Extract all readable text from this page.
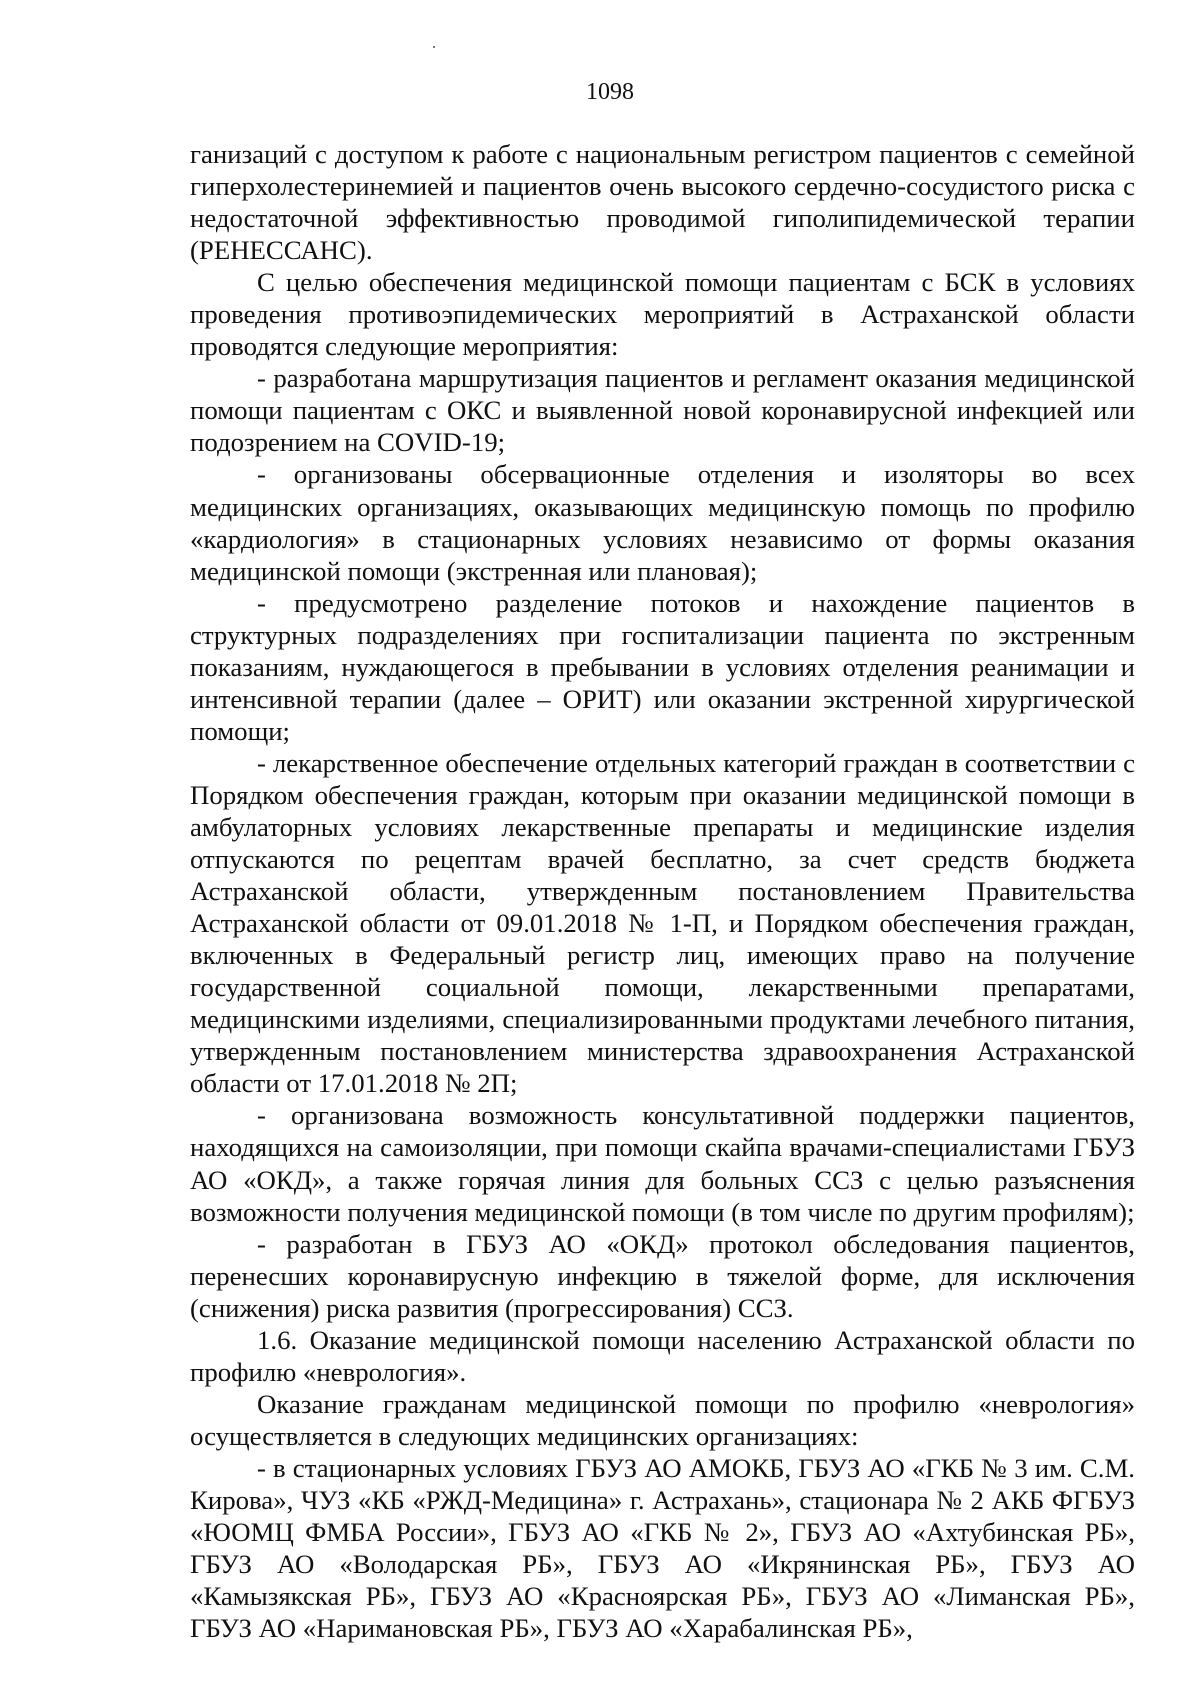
1098

ганизаций с доступом к работе с национальным регистром пациентов с семейной гиперхолестеринемией и пациентов очень высокого сердечно-сосудистого риска с недостаточной эффективностью проводимой гиполипидемической терапии (РЕНЕССАНС).

С целью обеспечения медицинской помощи пациентам с БСК в условиях проведения противоэпидемических мероприятий в Астраханской области проводятся следующие мероприятия:

- разработана маршрутизация пациентов и регламент оказания медицинской помощи пациентам с ОКС и выявленной новой коронавирусной инфекцией или подозрением на COVID-19;

- организованы обсервационные отделения и изоляторы во всех медицинских организациях, оказывающих медицинскую помощь по профилю «кардиология» в стационарных условиях независимо от формы оказания медицинской помощи (экстренная или плановая);

- предусмотрено разделение потоков и нахождение пациентов в структурных подразделениях при госпитализации пациента по экстренным показаниям, нуждающегося в пребывании в условиях отделения реанимации и интенсивной терапии (далее – ОРИТ) или оказании экстренной хирургической помощи;

- лекарственное обеспечение отдельных категорий граждан в соответствии с Порядком обеспечения граждан, которым при оказании медицинской помощи в амбулаторных условиях лекарственные препараты и медицинские изделия отпускаются по рецептам врачей бесплатно, за счет средств бюджета Астраханской области, утвержденным постановлением Правительства Астраханской области от 09.01.2018 № 1-П, и Порядком обеспечения граждан, включенных в Федеральный регистр лиц, имеющих право на получение государственной социальной помощи, лекарственными препаратами, медицинскими изделиями, специализированными продуктами лечебного питания, утвержденным постановлением министерства здравоохранения Астраханской области от 17.01.2018 № 2П;

- организована возможность консультативной поддержки пациентов, находящихся на самоизоляции, при помощи скайпа врачами-специалистами ГБУЗ АО «ОКД», а также горячая линия для больных ССЗ с целью разъяснения возможности получения медицинской помощи (в том числе по другим профилям);

- разработан в ГБУЗ АО «ОКД» протокол обследования пациентов, перенесших коронавирусную инфекцию в тяжелой форме, для исключения (снижения) риска развития (прогрессирования) ССЗ.

1.6. Оказание медицинской помощи населению Астраханской области по профилю «неврология».

Оказание гражданам медицинской помощи по профилю «неврология» осуществляется в следующих медицинских организациях:

- в стационарных условиях ГБУЗ АО АМОКБ, ГБУЗ АО «ГКБ № 3 им. С.М. Кирова», ЧУЗ «КБ «РЖД-Медицина» г. Астрахань», стационара № 2 АКБ ФГБУЗ «ЮОМЦ ФМБА России», ГБУЗ АО «ГКБ № 2», ГБУЗ АО «Ахтубинская РБ», ГБУЗ АО «Володарская РБ», ГБУЗ АО «Икрянинская РБ», ГБУЗ АО «Камызякская РБ», ГБУЗ АО «Красноярская РБ», ГБУЗ АО «Лиманская РБ», ГБУЗ АО «Наримановская РБ», ГБУЗ АО «Харабалинская РБ»,
